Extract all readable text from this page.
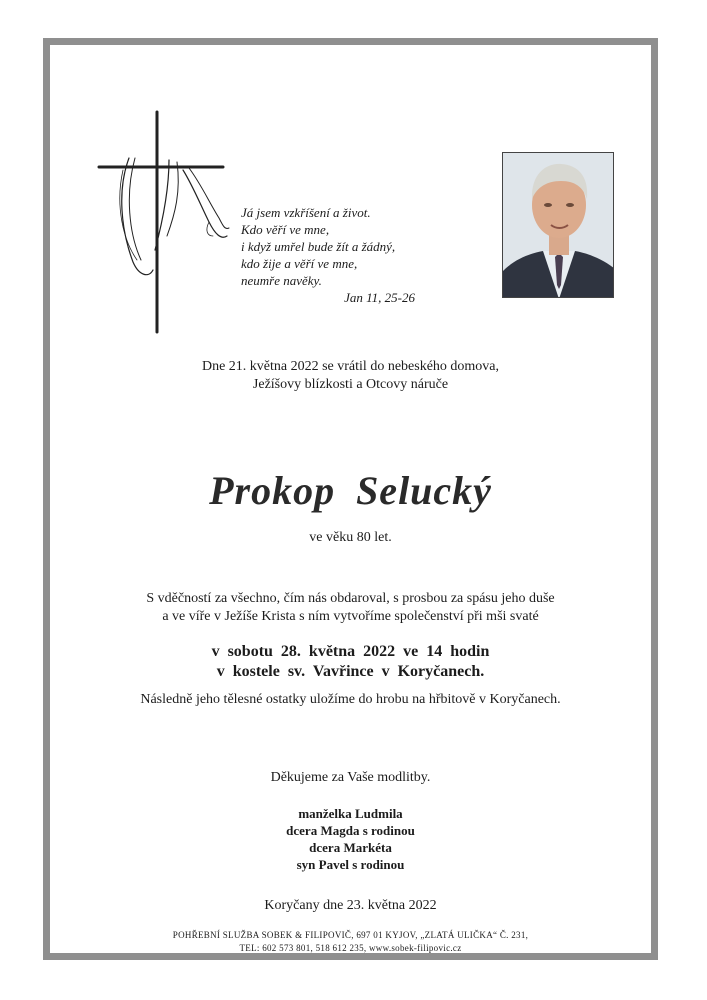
Já jsem vzkříšení a život.
Kdo věří ve mne,
i když umřel bude žít a žádný,
kdo žije a věří ve mne,
neumře navěky.
Jan 11, 25-26
Dne 21. května 2022 se vrátil do nebeského domova,
Ježíšovy blízkosti a Otcovy náruče
Prokop Selucký
ve věku 80 let.
S vděčností za všechno, čím nás obdaroval, s prosbou za spásu jeho duše
a ve víře v Ježíše Krista s ním vytvoříme společenství při mši svaté
v sobotu 28. května 2022 ve 14 hodin
v kostele sv. Vavřince v Koryčanech.
Následně jeho tělesné ostatky uložíme do hrobu na hřbitově v Koryčanech.
Děkujeme za Vaše modlitby.
manželka Ludmila
dcera Magda s rodinou
dcera Markéta
syn Pavel s rodinou
Koryčany dne 23. května 2022
POHŘEBNÍ SLUŽBA SOBEK & FILIPOVIČ, 697 01 KYJOV, „ZLATÁ ULIČKA“ Č. 231,
TEL: 602 573 801, 518 612 235, www.sobek-filipovic.cz
